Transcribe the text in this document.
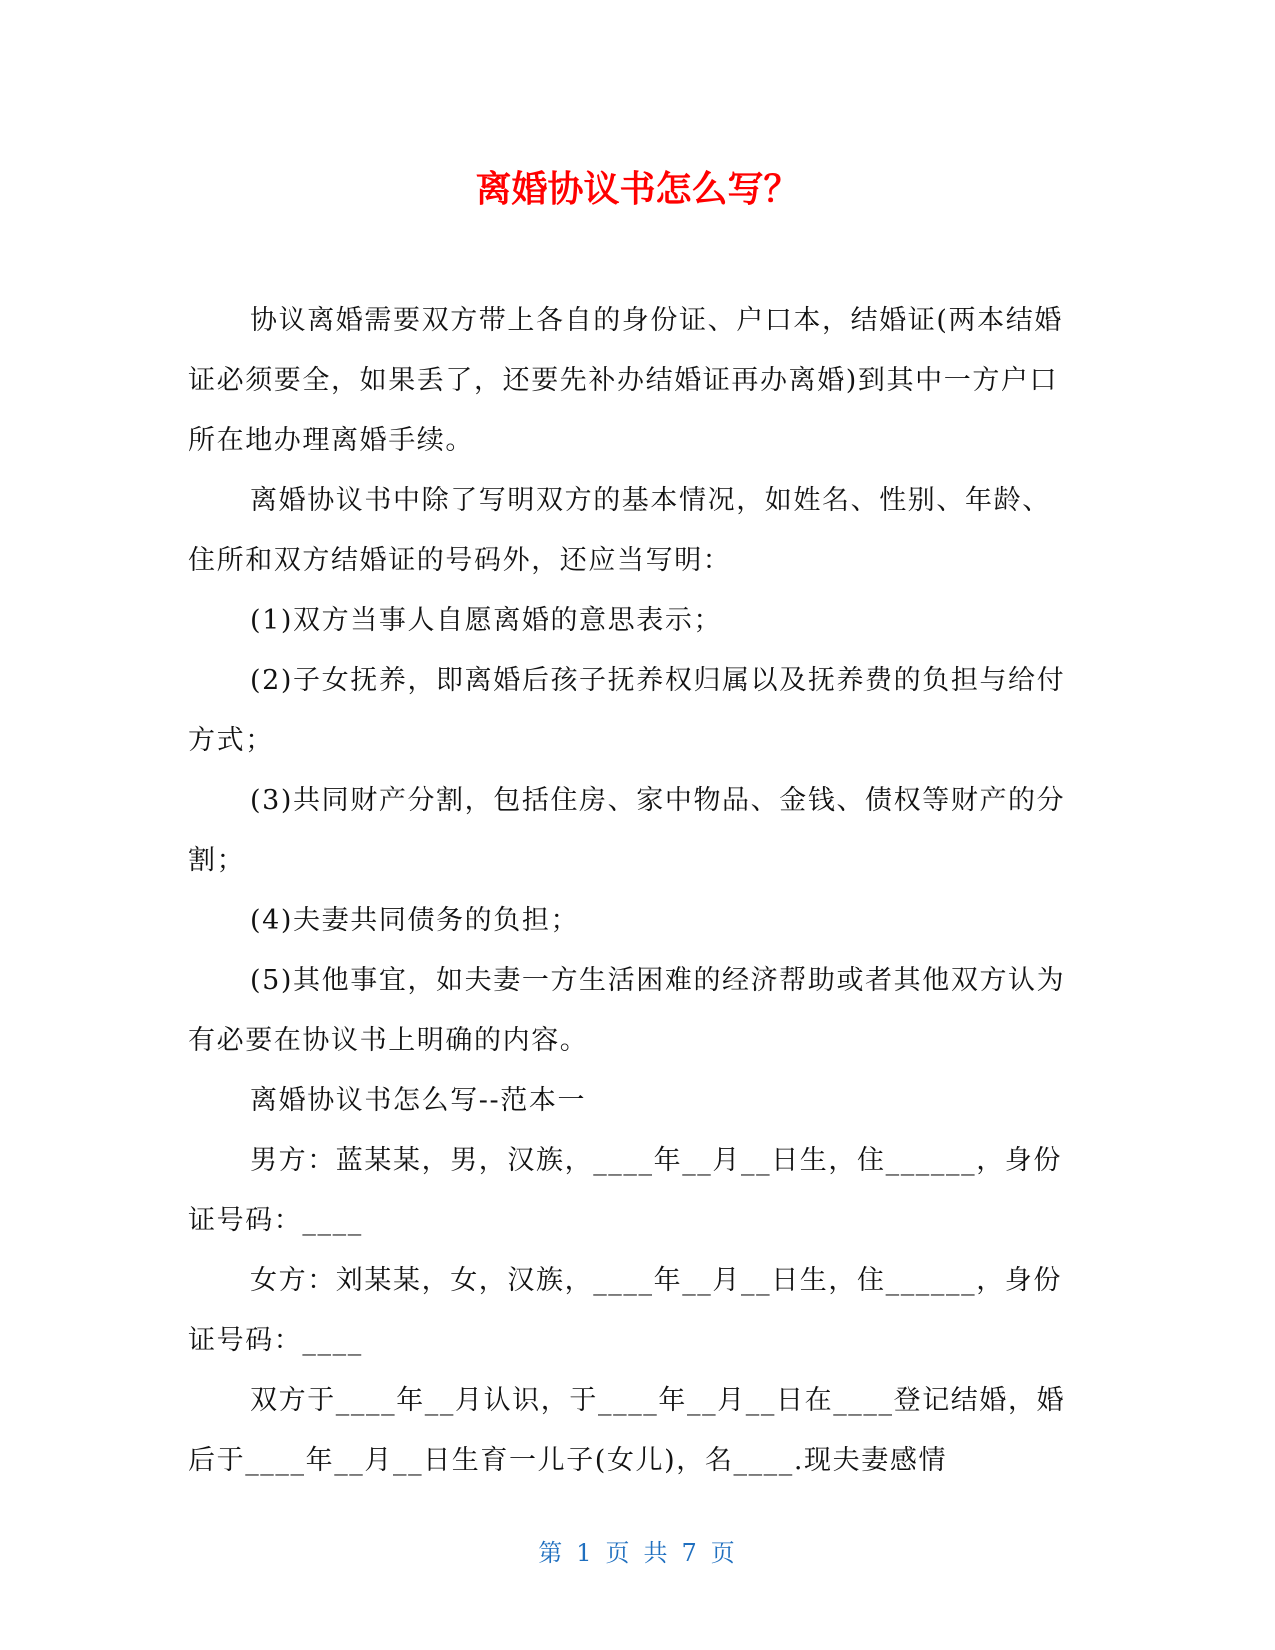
离婚协议书怎么写？

协议离婚需要双方带上各自的身份证、户口本，结婚证(两本结婚证必须要全，如果丢了，还要先补办结婚证再办离婚)到其中一方户口所在地办理离婚手续。

离婚协议书中除了写明双方的基本情况，如姓名、性别、年龄、住所和双方结婚证的号码外，还应当写明：

(1)双方当事人自愿离婚的意思表示；

(2)子女抚养，即离婚后孩子抚养权归属以及抚养费的负担与给付方式；

(3)共同财产分割，包括住房、家中物品、金钱、债权等财产的分割；

(4)夫妻共同债务的负担；

(5)其他事宜，如夫妻一方生活困难的经济帮助或者其他双方认为有必要在协议书上明确的内容。

离婚协议书怎么写--范本一

男方：蓝某某，男，汉族，____年__月__日生，住______，身份证号码：____

女方：刘某某，女，汉族，____年__月__日生，住______，身份证号码：____

双方于____年__月认识，于____年__月__日在____登记结婚，婚后于____年__月__日生育一儿子(女儿)，名____.现夫妻感情

第 1 页 共 7 页
